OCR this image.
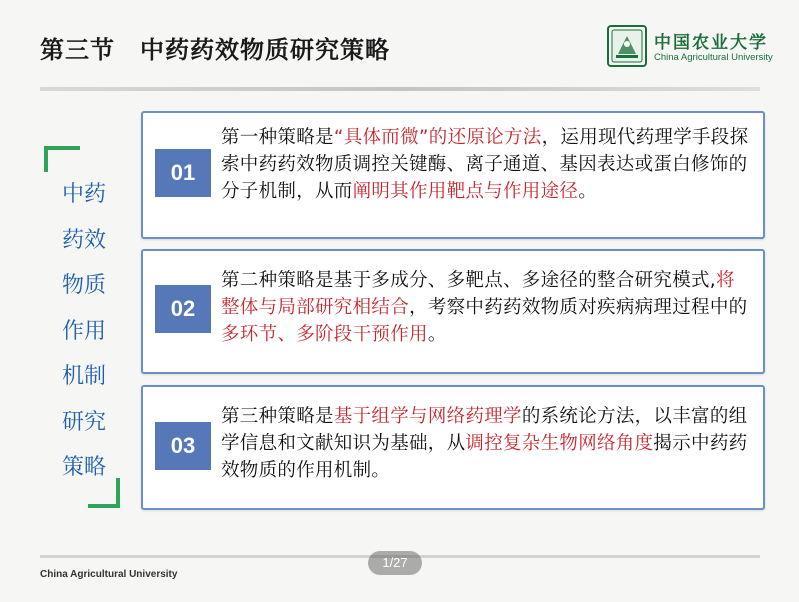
第三节　中药药效物质研究策略	中国农业大学
China Agricultural University
中药
药效
物质
作用
机制
研究
策略
01
第一种策略是“具体而微”的还原论方法，运用现代药理学手段探索中药药效物质调控关键酶、离子通道、基因表达或蛋白修饰的分子机制，从而阐明其作用靶点与作用途径。
02
第二种策略是基于多成分、多靶点、多途径的整合研究模式,将整体与局部研究相结合，考察中药药效物质对疾病病理过程中的多环节、多阶段干预作用。
03
第三种策略是基于组学与网络药理学的系统论方法，以丰富的组学信息和文献知识为基础，从调控复杂生物网络角度揭示中药药效物质的作用机制。
China Agricultural University
1/27
